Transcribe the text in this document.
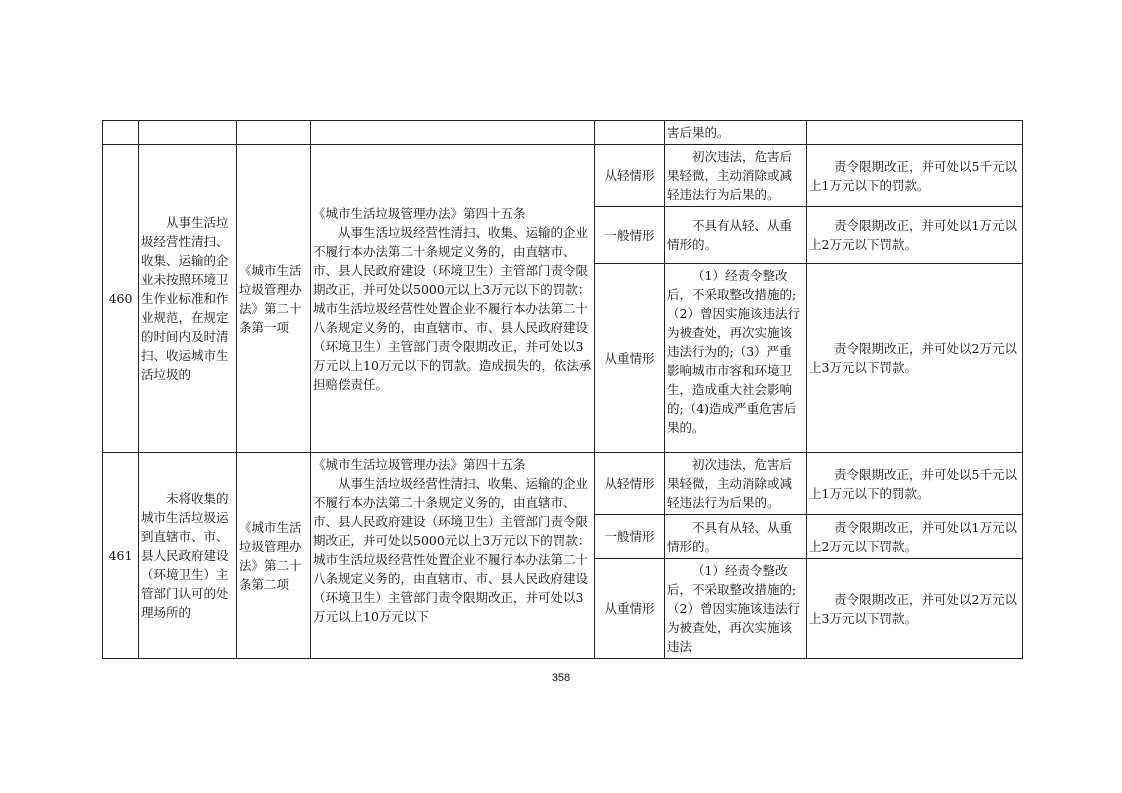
					害后果的。	
460	从事生活垃圾经营性清扫、收集、运输的企业未按照环境卫生作业标准和作业规范，在规定的时间内及时清扫、收运城市生活垃圾的	《城市生活垃圾管理办法》第二十条第一项	《城市生活垃圾管理办法》第四十五条
从事生活垃圾经营性清扫、收集、运输的企业不履行本办法第二十条规定义务的，由直辖市、市、县人民政府建设（环境卫生）主管部门责令限期改正，并可处以5000元以上3万元以下的罚款：城市生活垃圾经营性处置企业不履行本办法第二十八条规定义务的，由直辖市、市、县人民政府建设（环境卫生）主管部门责令限期改正，并可处以3万元以上10万元以下的罚款。造成损失的，依法承担赔偿责任。	从轻情形	初次违法，危害后果轻微，主动消除或减轻违法行为后果的。	责令限期改正，并可处以5千元以上1万元以下的罚款。

				一般情形	不具有从轻、从重情形的。	责令限期改正，并可处以1万元以上2万元以下罚款。

				从重情形	（1）经责令整改后，不采取整改措施的;（2）曾因实施该违法行为被查处，再次实施该违法行为的;（3）严重影响城市市容和环境卫生，造成重大社会影响的;（4)造成严重危害后果的。	责令限期改正，并可处以2万元以上3万元以下罚款。

461	未将收集的城市生活垃圾运到直辖市、市、县人民政府建设（环境卫生）主管部门认可的处理场所的	《城市生活垃圾管理办法》第二十条第二项	《城市生活垃圾管理办法》第四十五条
从事生活垃圾经营性清扫、收集、运输的企业不履行本办法第二十条规定义务的，由直辖市、市、县人民政府建设（环境卫生）主管部门责令限期改正，并可处以5000元以上3万元以下的罚款：城市生活垃圾经营性处置企业不履行本办法第二十八条规定义务的，由直辖市、市、县人民政府建设（环境卫生）主管部门责令限期改正，并可处以3万元以上10万元以下	从轻情形	初次违法，危害后果轻微，主动消除或减轻违法行为后果的。	责令限期改正，并可处以5千元以上1万元以下的罚款。

				一般情形	不具有从轻、从重情形的。	责令限期改正，并可处以1万元以上2万元以下罚款。

				从重情形	（1）经责令整改后，不采取整改措施的;（2）曾因实施该违法行为被查处，再次实施该违法	责令限期改正，并可处以2万元以上3万元以下罚款。
358
